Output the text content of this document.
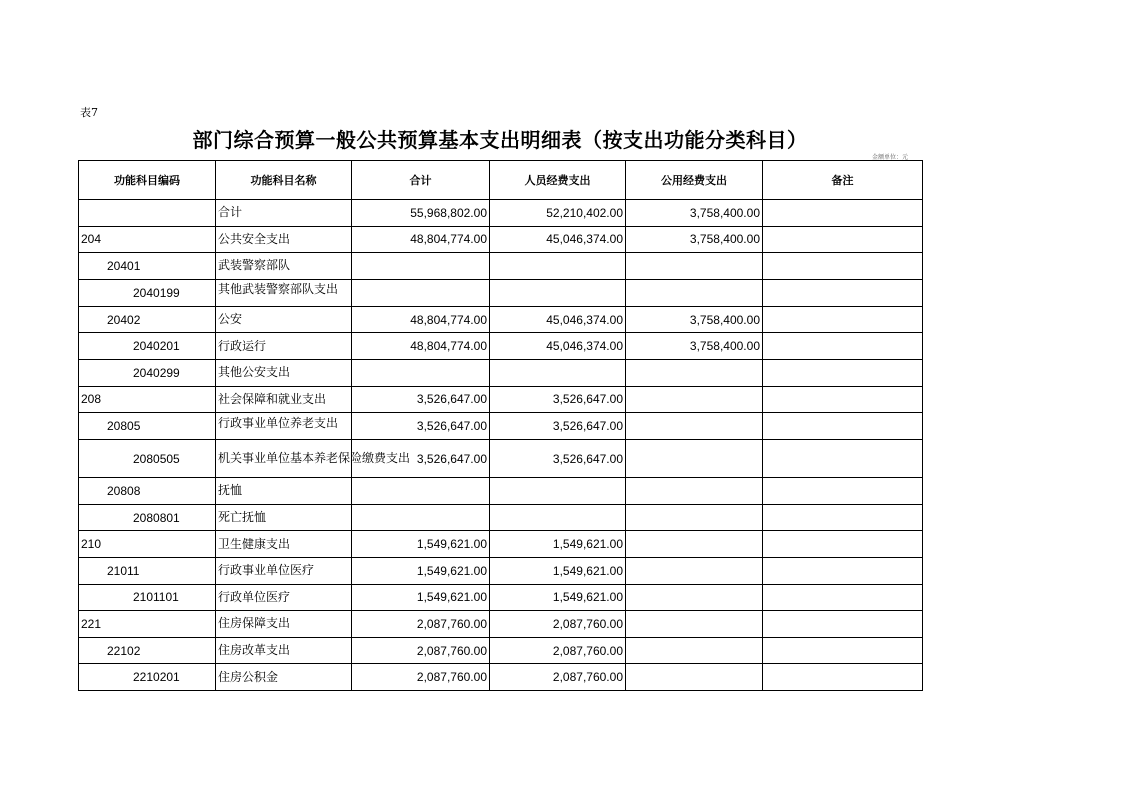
表7
部门综合预算一般公共预算基本支出明细表（按支出功能分类科目）
金额单位：元
功能科目编码	功能科目名称	合计	人员经费支出	公用经费支出	备注
	合计	55,968,802.00	52,210,402.00	3,758,400.00	
204	公共安全支出	48,804,774.00	45,046,374.00	3,758,400.00	
20401	武装警察部队				
2040199	其他武装警察部队支出				

20402	公安	48,804,774.00	45,046,374.00	3,758,400.00	
2040201	行政运行	48,804,774.00	45,046,374.00	3,758,400.00	
2040299	其他公安支出				
208	社会保障和就业支出	3,526,647.00	3,526,647.00		
20805	行政事业单位养老支出	3,526,647.00	3,526,647.00		
2080505	机关事业单位基本养老保险缴费支出	3,526,647.00	3,526,647.00		
20808	抚恤				
2080801	死亡抚恤				
210	卫生健康支出	1,549,621.00	1,549,621.00		
21011	行政事业单位医疗	1,549,621.00	1,549,621.00		
2101101	行政单位医疗	1,549,621.00	1,549,621.00		
221	住房保障支出	2,087,760.00	2,087,760.00		
22102	住房改革支出	2,087,760.00	2,087,760.00		
2210201	住房公积金	2,087,760.00	2,087,760.00		
